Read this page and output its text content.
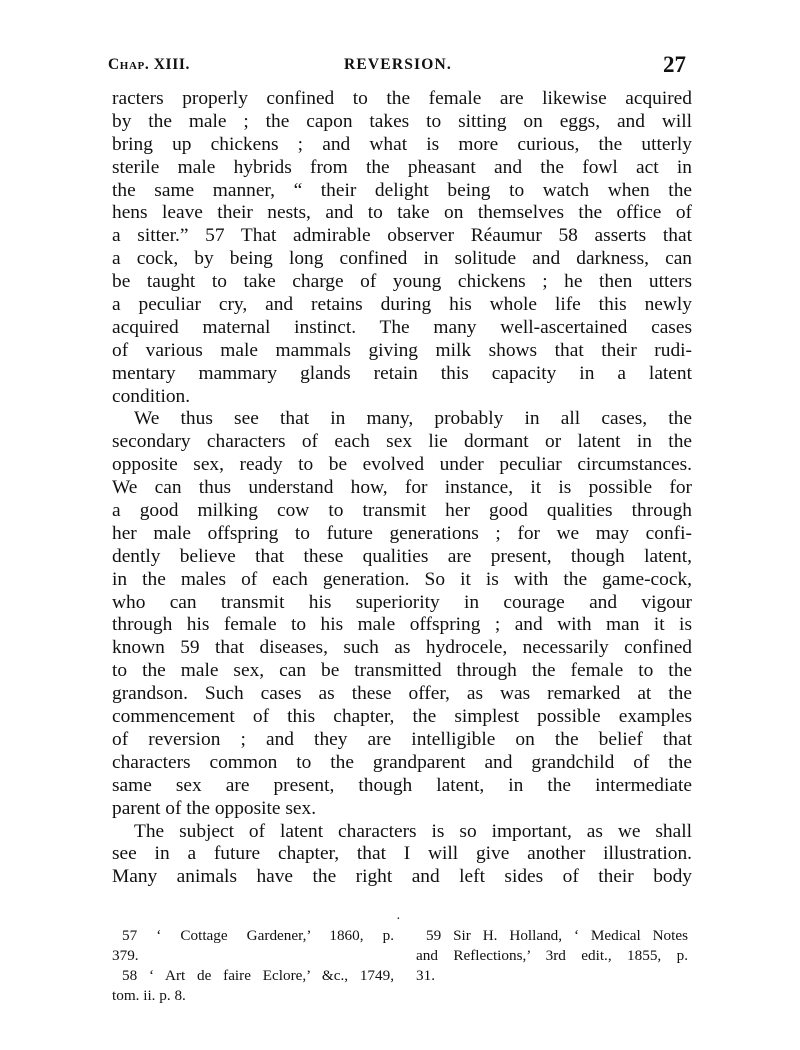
Chap. XIII.	REVERSION.	27
racters properly confined to the female are likewise acquired
by the male ; the capon takes to sitting on eggs, and will
bring up chickens ; and what is more curious, the utterly
sterile male hybrids from the pheasant and the fowl act in
the same manner, “ their delight being to watch when the
hens leave their nests, and to take on themselves the office of
a sitter.” 57 That admirable observer Réaumur 58 asserts that
a cock, by being long confined in solitude and darkness, can
be taught to take charge of young chickens ; he then utters
a peculiar cry, and retains during his whole life this newly
acquired maternal instinct. The many well-ascertained cases
of various male mammals giving milk shows that their rudi-
mentary mammary glands retain this capacity in a latent
condition.
We thus see that in many, probably in all cases, the
secondary characters of each sex lie dormant or latent in the
opposite sex, ready to be evolved under peculiar circumstances.
We can thus understand how, for instance, it is possible for
a good milking cow to transmit her good qualities through
her male offspring to future generations ; for we may confi-
dently believe that these qualities are present, though latent,
in the males of each generation. So it is with the game-cock,
who can transmit his superiority in courage and vigour
through his female to his male offspring ; and with man it is
known 59 that diseases, such as hydrocele, necessarily confined
to the male sex, can be transmitted through the female to the
grandson. Such cases as these offer, as was remarked at the
commencement of this chapter, the simplest possible examples
of reversion ; and they are intelligible on the belief that
characters common to the grandparent and grandchild of the
same sex are present, though latent, in the intermediate
parent of the opposite sex.
The subject of latent characters is so important, as we shall
see in a future chapter, that I will give another illustration.
Many animals have the right and left sides of their body
·
57 ‘ Cottage Gardener,’ 1860, p.
379.
58 ‘ Art de faire Eclore,’ &c., 1749,
tom. ii. p. 8.
59 Sir H. Holland, ‘ Medical Notes
and Reflections,’ 3rd edit., 1855, p.
31.
